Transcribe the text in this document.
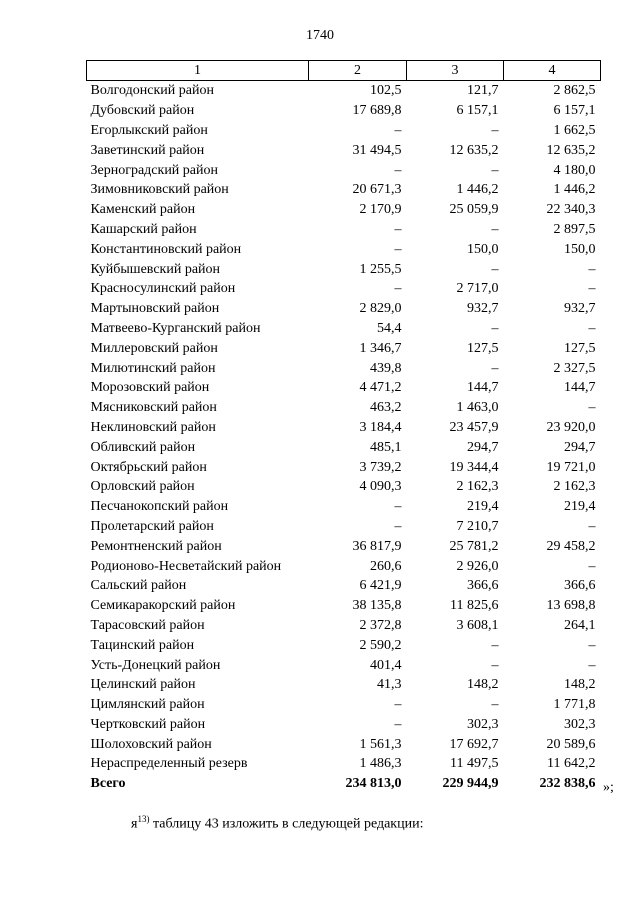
1740
1	2	3	4
Волгодонский район	102,5	121,7	2 862,5
Дубовский район	17 689,8	6 157,1	6 157,1
Егорлыкский район	–	–	1 662,5
Заветинский район	31 494,5	12 635,2	12 635,2
Зерноградский район	–	–	4 180,0
Зимовниковский район	20 671,3	1 446,2	1 446,2
Каменский район	2 170,9	25 059,9	22 340,3
Кашарский район	–	–	2 897,5
Константиновский район	–	150,0	150,0
Куйбышевский район	1 255,5	–	–
Красносулинский район	–	2 717,0	–
Мартыновский район	2 829,0	932,7	932,7
Матвеево-Курганский район	54,4	–	–
Миллеровский район	1 346,7	127,5	127,5
Милютинский район	439,8	–	2 327,5
Морозовский район	4 471,2	144,7	144,7
Мясниковский район	463,2	1 463,0	–
Неклиновский район	3 184,4	23 457,9	23 920,0
Обливский район	485,1	294,7	294,7
Октябрьский район	3 739,2	19 344,4	19 721,0
Орловский район	4 090,3	2 162,3	2 162,3
Песчанокопский район	–	219,4	219,4
Пролетарский район	–	7 210,7	–
Ремонтненский район	36 817,9	25 781,2	29 458,2
Родионово-Несветайский район	260,6	2 926,0	–
Сальский район	6 421,9	366,6	366,6
Семикаракорский район	38 135,8	11 825,6	13 698,8
Тарасовский район	2 372,8	3 608,1	264,1
Тацинский район	2 590,2	–	–
Усть-Донецкий район	401,4	–	–
Целинский район	41,3	148,2	148,2
Цимлянский район	–	–	1 771,8
Чертковский район	–	302,3	302,3
Шолоховский район	1 561,3	17 692,7	20 589,6
Нераспределенный резерв	1 486,3	11 497,5	11 642,2
Всего	234 813,0	229 944,9	232 838,6 »;
$я^{13)}$ таблицу 43 изложить в следующей редакции:
